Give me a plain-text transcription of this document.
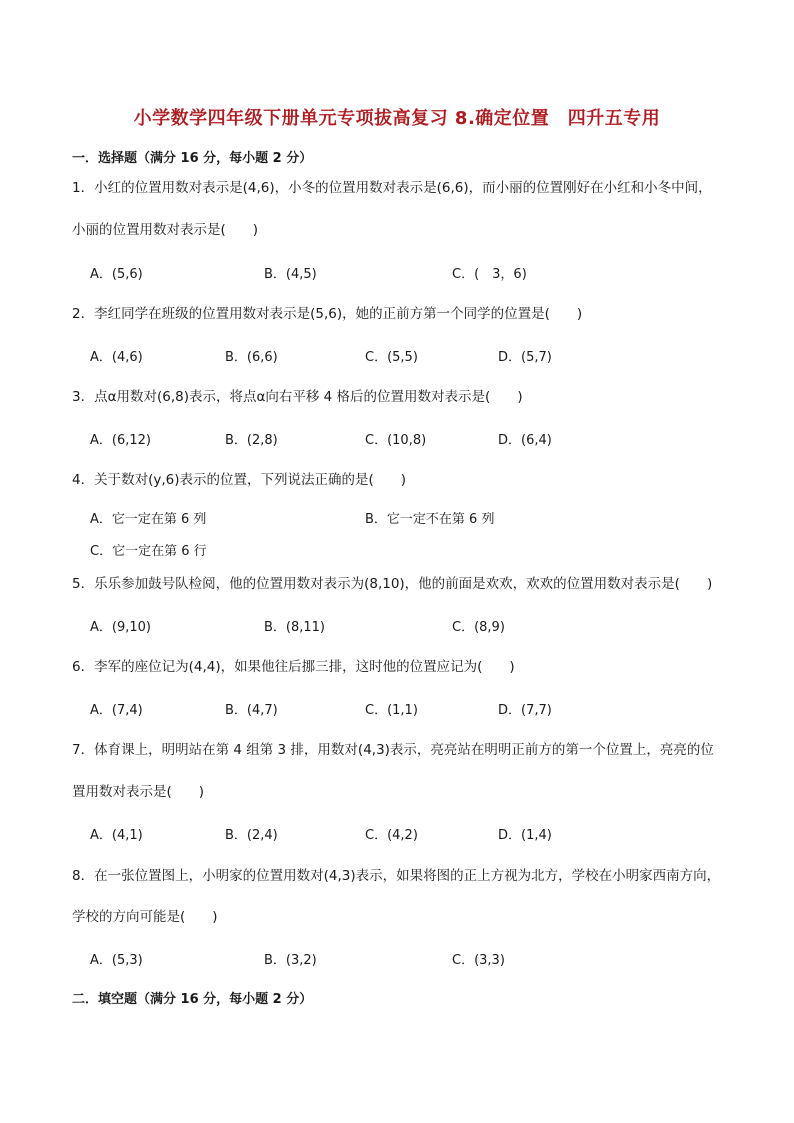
小学数学四年级下册单元专项拔高复习 8.确定位置　四升五专用
一．选择题（满分 16 分，每小题 2 分）
1．小红的位置用数对表示是(4,6)，小冬的位置用数对表示是(6,6)，而小丽的位置刚好在小红和小冬中间，
小丽的位置用数对表示是(　　)
A．(5,6)	B．(4,5)	C．(　3，6)
2．李红同学在班级的位置用数对表示是(5,6)，她的正前方第一个同学的位置是(　　)
A．(4,6)	B．(6,6)	C．(5,5)	D．(5,7)
3．点α用数对(6,8)表示，将点α向右平移 4 格后的位置用数对表示是(　　)
A．(6,12)	B．(2,8)	C．(10,8)	D．(6,4)
4．关于数对(y,6)表示的位置，下列说法正确的是(　　)
A．它一定在第 6 列	B．它一定不在第 6 列
C．它一定在第 6 行
5．乐乐参加鼓号队检阅，他的位置用数对表示为(8,10)，他的前面是欢欢，欢欢的位置用数对表示是(　　)
A．(9,10)	B．(8,11)	C．(8,9)
6．李军的座位记为(4,4)，如果他往后挪三排，这时他的位置应记为(　　)
A．(7,4)	B．(4,7)	C．(1,1)	D．(7,7)
7．体育课上，明明站在第 4 组第 3 排，用数对(4,3)表示，亮亮站在明明正前方的第一个位置上，亮亮的位
置用数对表示是(　　)
A．(4,1)	B．(2,4)	C．(4,2)	D．(1,4)
8．在一张位置图上，小明家的位置用数对(4,3)表示，如果将图的正上方视为北方，学校在小明家西南方向，
学校的方向可能是(　　)
A．(5,3)	B．(3,2)	C．(3,3)
二．填空题（满分 16 分，每小题 2 分）
